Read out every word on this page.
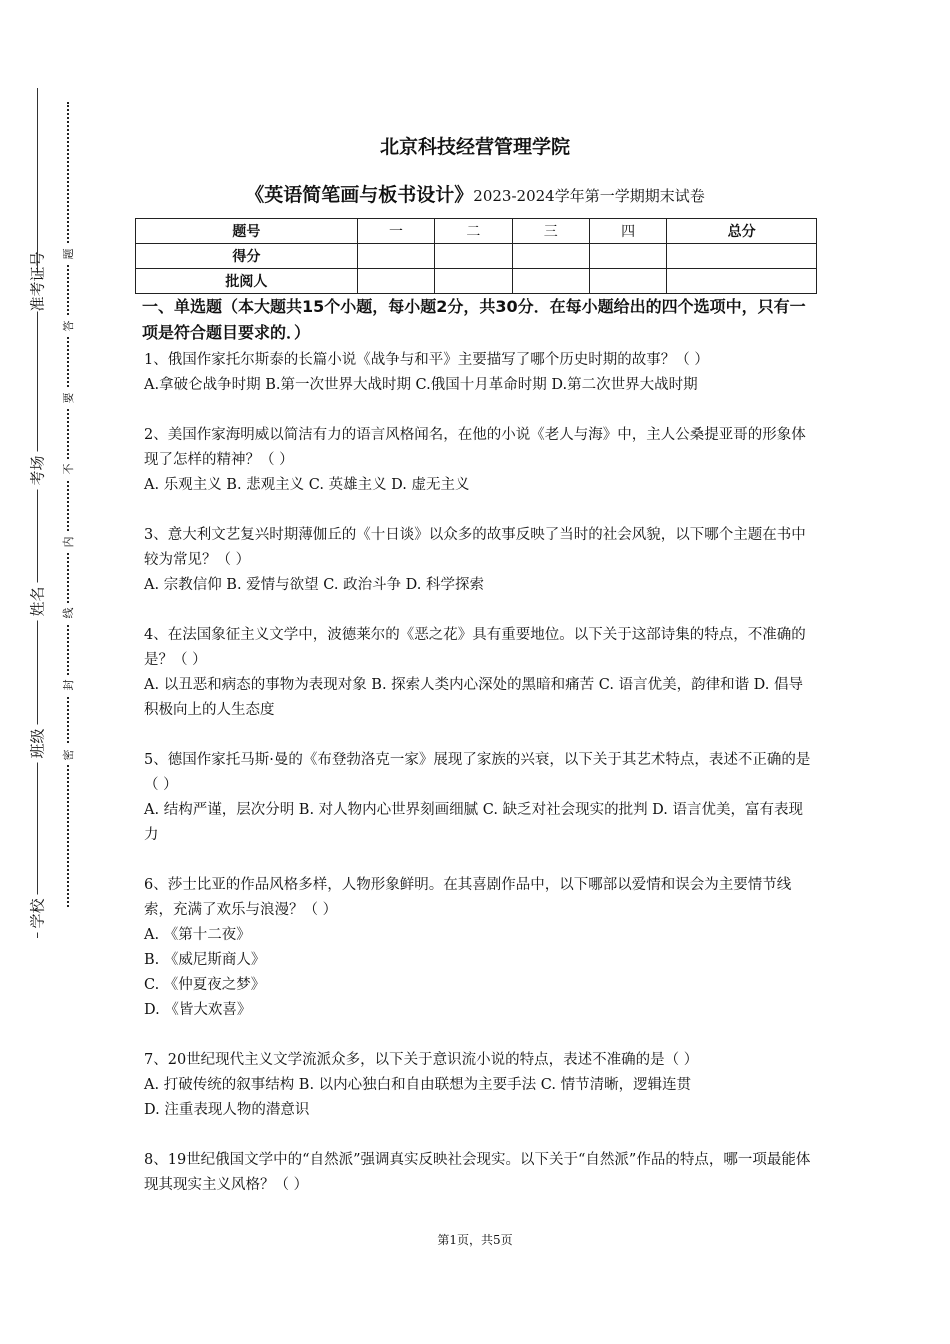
准考证号
考场
姓名
班级
学校
题
答
要
不
内
线
封
密
北京科技经营管理学院
《英语简笔画与板书设计》2023-2024学年第一学期期末试卷
题号	一	二	三	四	总分
得分					
批阅人					
一、单选题（本大题共15个小题，每小题2分，共30分．在每小题给出的四个选项中，只有一项是符合题目要求的．）
1、俄国作家托尔斯泰的长篇小说《战争与和平》主要描写了哪个历史时期的故事？（ ）
A.拿破仑战争时期 B.第一次世界大战时期 C.俄国十月革命时期 D.第二次世界大战时期
2、美国作家海明威以简洁有力的语言风格闻名，在他的小说《老人与海》中，主人公桑提亚哥的形象体现了怎样的精神？（ ）
A. 乐观主义 B. 悲观主义 C. 英雄主义 D. 虚无主义
3、意大利文艺复兴时期薄伽丘的《十日谈》以众多的故事反映了当时的社会风貌，以下哪个主题在书中较为常见？（ ）
A. 宗教信仰 B. 爱情与欲望 C. 政治斗争 D. 科学探索
4、在法国象征主义文学中，波德莱尔的《恶之花》具有重要地位。以下关于这部诗集的特点，不准确的是？（ ）
A. 以丑恶和病态的事物为表现对象 B. 探索人类内心深处的黑暗和痛苦 C. 语言优美，韵律和谐 D. 倡导积极向上的人生态度
5、德国作家托马斯·曼的《布登勃洛克一家》展现了家族的兴衰，以下关于其艺术特点，表述不正确的是（ ）
A. 结构严谨，层次分明 B. 对人物内心世界刻画细腻 C. 缺乏对社会现实的批判 D. 语言优美，富有表现力
6、莎士比亚的作品风格多样，人物形象鲜明。在其喜剧作品中，以下哪部以爱情和误会为主要情节线索，充满了欢乐与浪漫？（ ）
A. 《第十二夜》
B. 《威尼斯商人》
C. 《仲夏夜之梦》
D. 《皆大欢喜》
7、20世纪现代主义文学流派众多，以下关于意识流小说的特点，表述不准确的是（ ）
A. 打破传统的叙事结构 B. 以内心独白和自由联想为主要手法 C. 情节清晰，逻辑连贯
D. 注重表现人物的潜意识
8、19世纪俄国文学中的“自然派”强调真实反映社会现实。以下关于“自然派”作品的特点，哪一项最能体现其现实主义风格？（ ）
第1页，共5页
